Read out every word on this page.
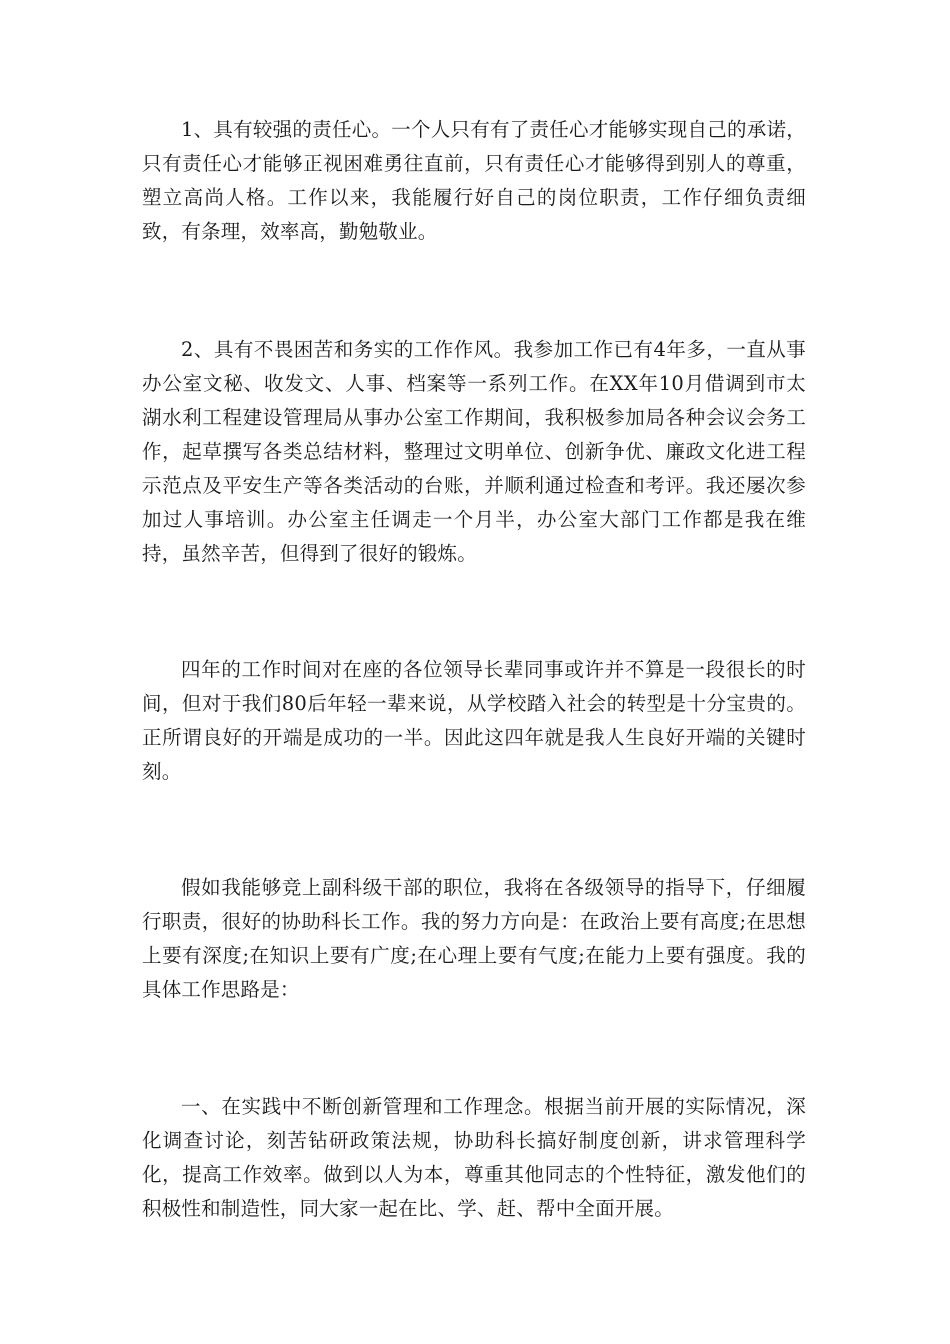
1、具有较强的责任心。一个人只有有了责任心才能够实现自己的承诺，只有责任心才能够正视困难勇往直前，只有责任心才能够得到别人的尊重，塑立高尚人格。工作以来，我能履行好自己的岗位职责，工作仔细负责细致，有条理，效率高，勤勉敬业。

2、具有不畏困苦和务实的工作作风。我参加工作已有4年多，一直从事办公室文秘、收发文、人事、档案等一系列工作。在XX年10月借调到市太湖水利工程建设管理局从事办公室工作期间，我积极参加局各种会议会务工作，起草撰写各类总结材料，整理过文明单位、创新争优、廉政文化进工程示范点及平安生产等各类活动的台账，并顺利通过检查和考评。我还屡次参加过人事培训。办公室主任调走一个月半，办公室大部门工作都是我在维持，虽然辛苦，但得到了很好的锻炼。

四年的工作时间对在座的各位领导长辈同事或许并不算是一段很长的时间，但对于我们80后年轻一辈来说，从学校踏入社会的转型是十分宝贵的。正所谓良好的开端是成功的一半。因此这四年就是我人生良好开端的关键时刻。

假如我能够竞上副科级干部的职位，我将在各级领导的指导下，仔细履行职责，很好的协助科长工作。我的努力方向是：在政治上要有高度;在思想上要有深度;在知识上要有广度;在心理上要有气度;在能力上要有强度。我的具体工作思路是：

一、在实践中不断创新管理和工作理念。根据当前开展的实际情况，深化调查讨论，刻苦钻研政策法规，协助科长搞好制度创新，讲求管理科学化，提高工作效率。做到以人为本，尊重其他同志的个性特征，激发他们的积极性和制造性，同大家一起在比、学、赶、帮中全面开展。
